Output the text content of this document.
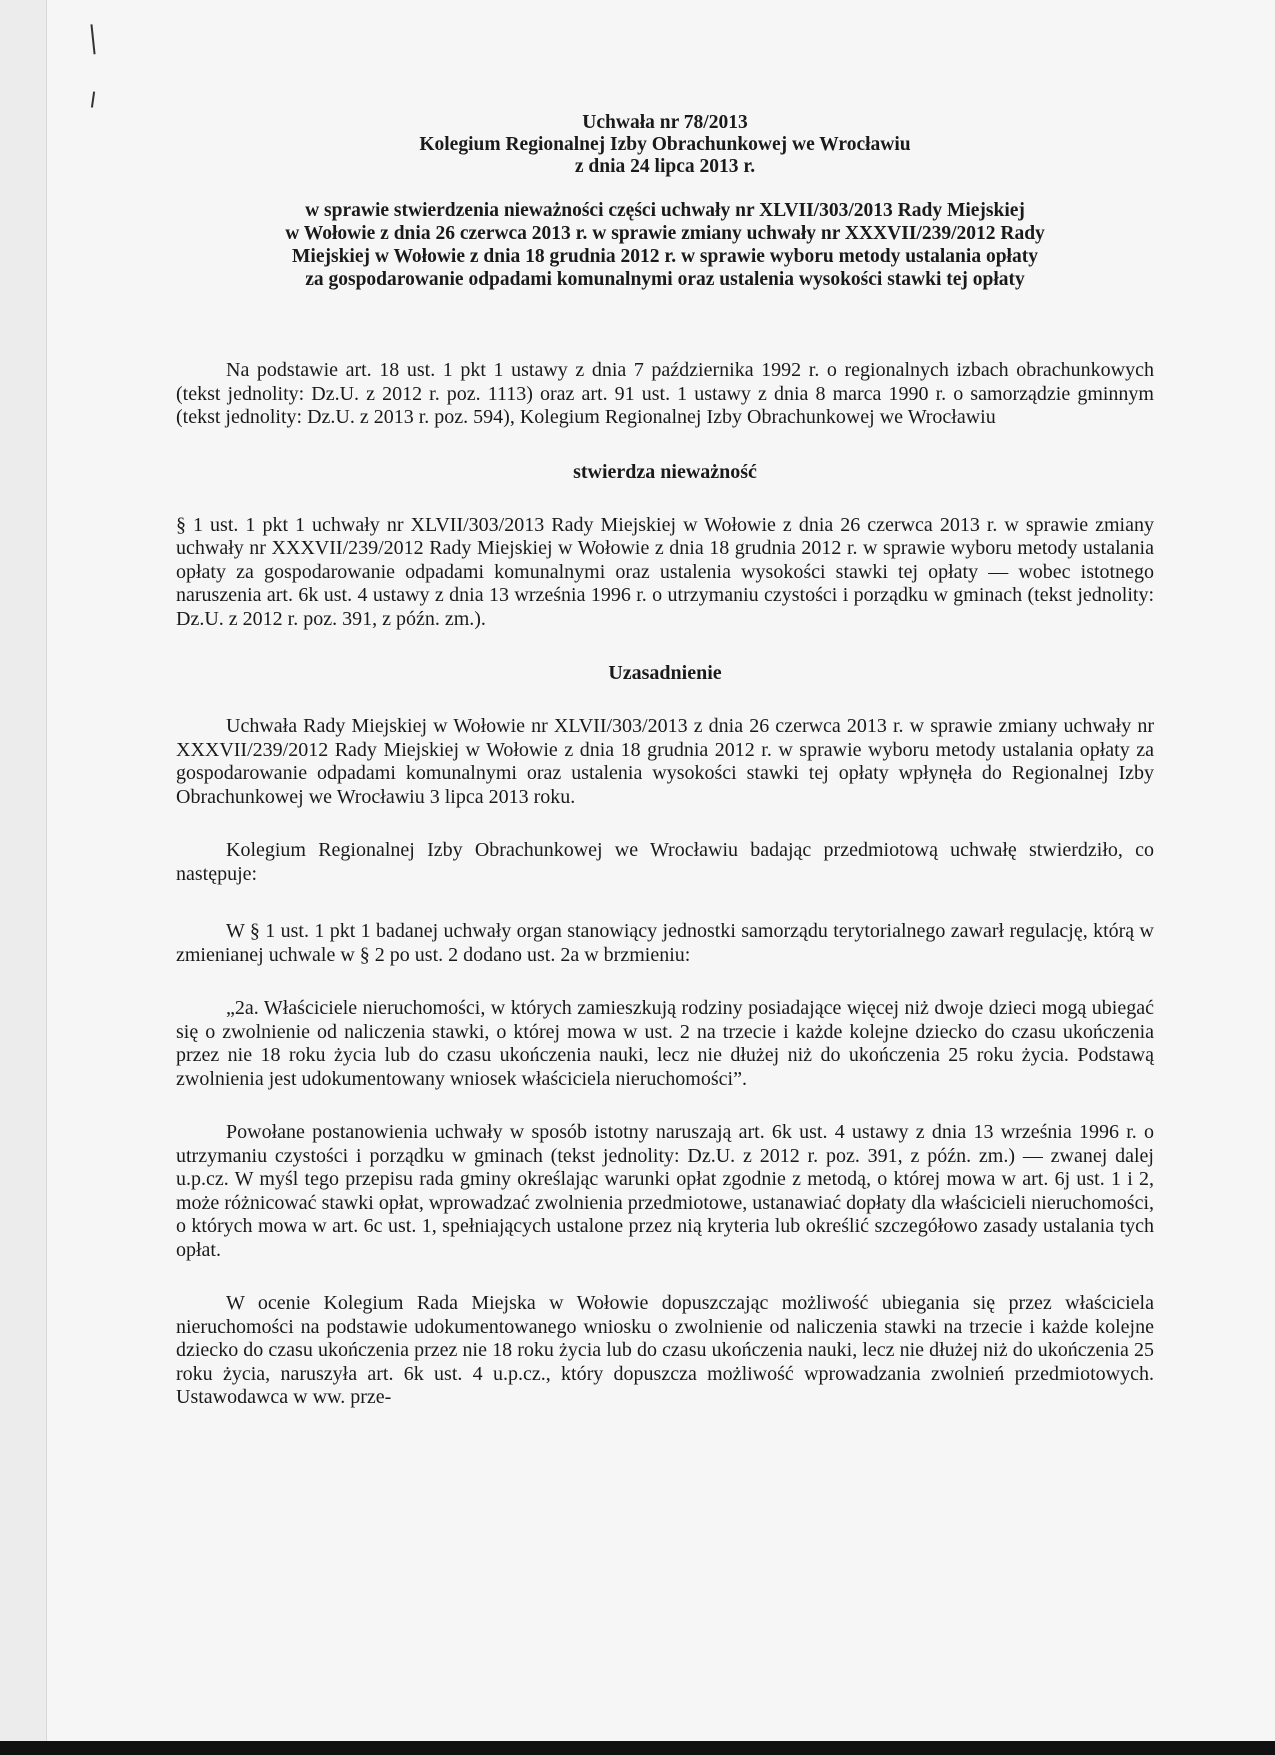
Uchwała nr 78/2013
Kolegium Regionalnej Izby Obrachunkowej we Wrocławiu
z dnia 24 lipca 2013 r.
w sprawie stwierdzenia nieważności części uchwały nr XLVII/303/2013 Rady Miejskiej
w Wołowie z dnia 26 czerwca 2013 r. w sprawie zmiany uchwały nr XXXVII/239/2012 Rady
Miejskiej w Wołowie z dnia 18 grudnia 2012 r. w sprawie wyboru metody ustalania opłaty
za gospodarowanie odpadami komunalnymi oraz ustalenia wysokości stawki tej opłaty

Na podstawie art. 18 ust. 1 pkt 1 ustawy z dnia 7 października 1992 r. o regionalnych izbach obrachunkowych (tekst jednolity: Dz.U. z 2012 r. poz. 1113) oraz art. 91 ust. 1 ustawy z dnia 8 marca 1990 r. o samorządzie gminnym (tekst jednolity: Dz.U. z 2013 r. poz. 594), Kolegium Regionalnej Izby Obrachunkowej we Wrocławiu

stwierdza nieważność

§ 1 ust. 1 pkt 1 uchwały nr XLVII/303/2013 Rady Miejskiej w Wołowie z dnia 26 czerwca 2013 r. w sprawie zmiany uchwały nr XXXVII/239/2012 Rady Miejskiej w Wołowie z dnia 18 grudnia 2012 r. w sprawie wyboru metody ustalania opłaty za gospodarowanie odpadami komunalnymi oraz ustalenia wysokości stawki tej opłaty — wobec istotnego naruszenia art. 6k ust. 4 ustawy z dnia 13 września 1996 r. o utrzymaniu czystości i porządku w gminach (tekst jednolity: Dz.U. z 2012 r. poz. 391, z późn. zm.).

Uzasadnienie

Uchwała Rady Miejskiej w Wołowie nr XLVII/303/2013 z dnia 26 czerwca 2013 r. w sprawie zmiany uchwały nr XXXVII/239/2012 Rady Miejskiej w Wołowie z dnia 18 grudnia 2012 r. w sprawie wyboru metody ustalania opłaty za gospodarowanie odpadami komunalnymi oraz ustalenia wysokości stawki tej opłaty wpłynęła do Regionalnej Izby Obrachunkowej we Wrocławiu 3 lipca 2013 roku.

Kolegium Regionalnej Izby Obrachunkowej we Wrocławiu badając przedmiotową uchwałę stwierdziło, co następuje:

W § 1 ust. 1 pkt 1 badanej uchwały organ stanowiący jednostki samorządu terytorialnego zawarł regulację, którą w zmienianej uchwale w § 2 po ust. 2 dodano ust. 2a w brzmieniu:

„2a. Właściciele nieruchomości, w których zamieszkują rodziny posiadające więcej niż dwoje dzieci mogą ubiegać się o zwolnienie od naliczenia stawki, o której mowa w ust. 2 na trzecie i każde kolejne dziecko do czasu ukończenia przez nie 18 roku życia lub do czasu ukończenia nauki, lecz nie dłużej niż do ukończenia 25 roku życia. Podstawą zwolnienia jest udokumentowany wniosek właściciela nieruchomości”.

Powołane postanowienia uchwały w sposób istotny naruszają art. 6k ust. 4 ustawy z dnia 13 września 1996 r. o utrzymaniu czystości i porządku w gminach (tekst jednolity: Dz.U. z 2012 r. poz. 391, z późn. zm.) — zwanej dalej u.p.cz. W myśl tego przepisu rada gminy określając warunki opłat zgodnie z metodą, o której mowa w art. 6j ust. 1 i 2, może różnicować stawki opłat, wprowadzać zwolnienia przedmiotowe, ustanawiać dopłaty dla właścicieli nieruchomości, o których mowa w art. 6c ust. 1, spełniających ustalone przez nią kryteria lub określić szczegółowo zasady ustalania tych opłat.

W ocenie Kolegium Rada Miejska w Wołowie dopuszczając możliwość ubiegania się przez właściciela nieruchomości na podstawie udokumentowanego wniosku o zwolnienie od naliczenia stawki na trzecie i każde kolejne dziecko do czasu ukończenia przez nie 18 roku życia lub do czasu ukończenia nauki, lecz nie dłużej niż do ukończenia 25 roku życia, naruszyła art. 6k ust. 4 u.p.cz., który dopuszcza możliwość wprowadzania zwolnień przedmiotowych. Ustawodawca w ww. prze-
